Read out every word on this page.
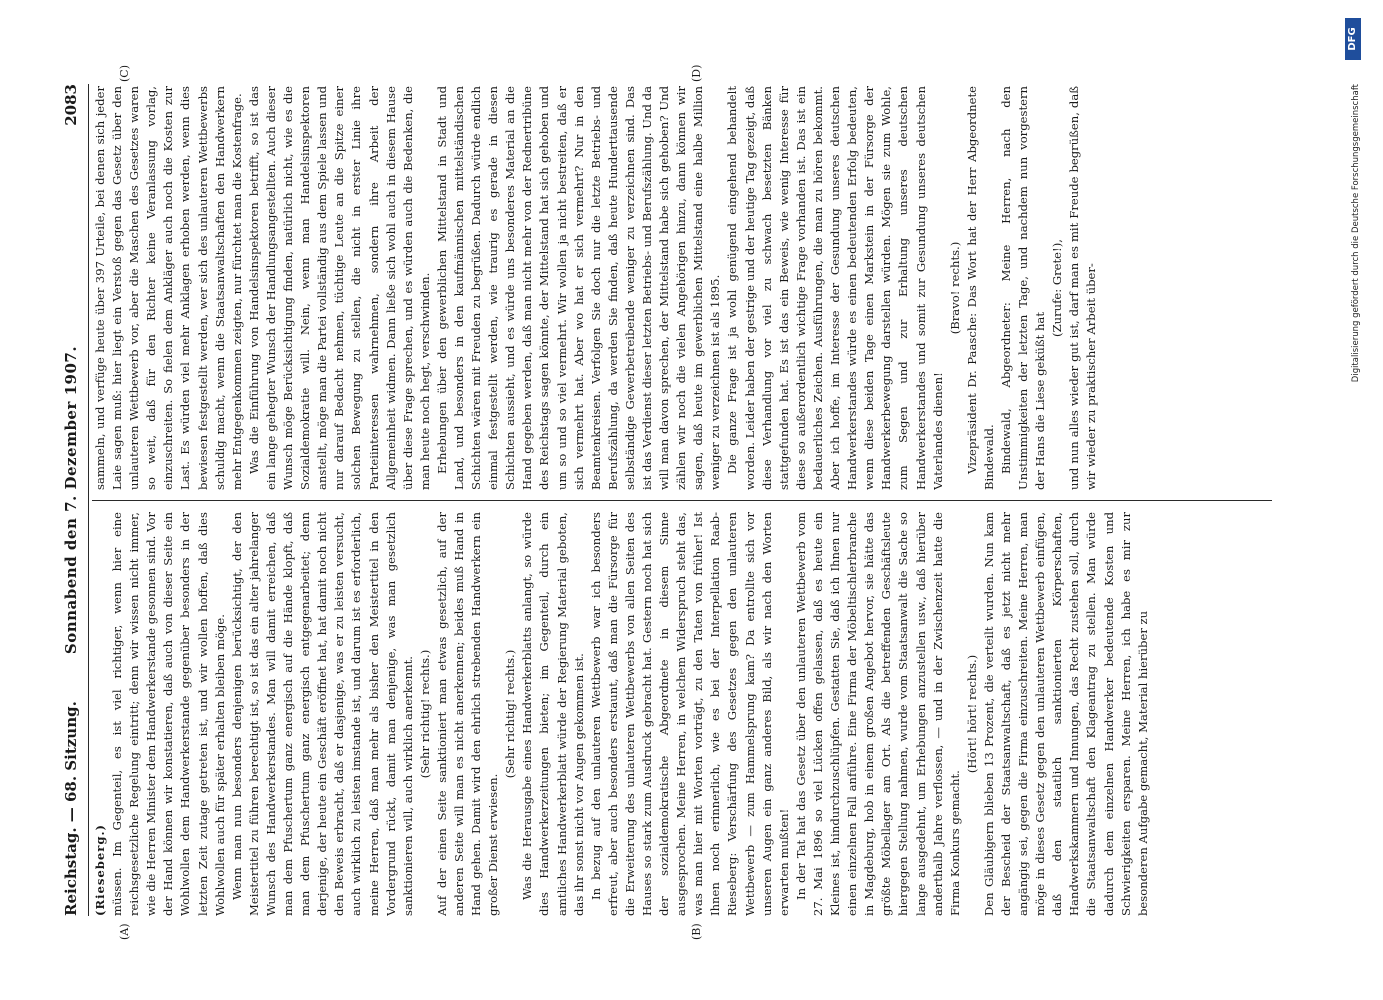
Reichstag. — 68. Sitzung.
Sonnabend den 7. Dezember 1907.
2083
(A)	(B)
(C)	(D)

(Rieseberg.) müssen. Im Gegenteil, es ist viel richtiger, wenn hier eine reichsgesetzliche Regelung eintritt; denn wir wissen nicht immer, wie die Herren Minister dem Handwerkerstande gesonnen sind. Vor der Hand können wir konstatieren, daß auch von dieser Seite ein Wohlwollen dem Handwerkerstande gegenüber besonders in der letzten Zeit zutage getreten ist, und wir wollen hoffen, daß dies Wohlwollen auch für später erhalten bleiben möge. Wenn man nun besonders denjenigen berücksichtigt, der den Meistertitel zu führen berechtigt ist, so ist das ein alter jahrelanger Wunsch des Handwerkerstandes. Man will damit erreichen, daß man dem Pfuschertum ganz energisch auf die Hände klopft, daß man dem Pfuschertum ganz energisch entgegenarbeitet; denn derjenige, der heute ein Geschäft eröffnet hat, hat damit noch nicht den Beweis erbracht, daß er dasjenige, was er zu leisten versucht, auch wirklich zu leisten imstande ist, und darum ist es erforderlich, meine Herren, daß man mehr als bisher den Meistertitel in den Vordergrund rückt, damit man denjenige, was man gesetzlich sanktionieren will, auch wirklich anerkennt. (Sehr richtig! rechts.) Auf der einen Seite sanktioniert man etwas gesetzlich, auf der anderen Seite will man es nicht anerkennen; beides muß Hand in Hand gehen. Damit wird den ehrlich strebenden Handwerkern ein großer Dienst erwiesen.

(Sehr richtig! rechts.) Was die Herausgabe eines Handwerkerblatts anlangt, so würde dies Handwerkerzeitungen bieten; im Gegenteil, durch ein amtliches Handwerkerblatt würde der Regierung Material geboten, das ihr sonst nicht vor Augen gekommen ist. In bezug auf den unlauteren Wettbewerb war ich besonders erfreut, aber auch besonders erstaunt, daß man die Fürsorge für die Erweiterung des unlauteren Wettbewerbs von allen Seiten des Hauses so stark zum Ausdruck gebracht hat. Gestern noch hat sich der sozialdemokratische Abgeordnete in diesem Sinne ausgesprochen. Meine Herren, in welchem Widerspruch steht das, was man hier mit Worten vorträgt, zu den Taten von früher! Ist Ihnen noch erinnerlich, wie es bei der Interpellation Raab-Rieseberg: Verschärfung des Gesetzes gegen den unlauteren Wettbewerb — zum Hammelsprung kam? Da entrollte sich vor unseren Augen ein ganz anderes Bild, als wir nach den Worten erwarten mußten! In der Tat hat das Gesetz über den unlauteren Wettbewerb vom 27. Mai 1896 so viel Lücken offen gelassen, daß es heute ein Kleines ist, hindurchzuschlüpfen. Gestatten Sie, daß ich Ihnen nur einen einzelnen Fall anführe. Eine Firma der Möbeltischlerbranche in Magdeburg, hob in einem großen Angebot hervor, sie hätte das größte Möbellager am Ort. Als die betreffenden Geschäftsleute hiergegen Stellung nahmen, wurde vom Staatsanwalt die Sache so lange ausgedehnt, um Erhebungen anzustellen usw., daß hierüber anderthalb Jahre verflossen, — und in der Zwischenzeit hatte die Firma Konkurs gemacht.

(Hört! hört! rechts.) Den Gläubigern blieben 13 Prozent, die verteilt wurden. Nun kam der Bescheid der Staatsanwaltschaft, daß es jetzt nicht mehr angängig sei, gegen die Firma einzuschreiten. Meine Herren, man möge in dieses Gesetz gegen den unlauteren Wettbewerb einfügen, daß den staatlich sanktionierten Körperschaften, Handwerkskammern und Innungen, das Recht zustehen soll, durch die Staatsanwaltschaft den Klageantrag zu stellen. Man würde dadurch dem einzelnen Handwerker bedeutende Kosten und Schwierigkeiten ersparen. Meine Herren, ich habe es mir zur besonderen Aufgabe gemacht, Material hierüber zu

sammeln, und verfüge heute über 397 Urteile, bei denen sich jeder Laie sagen muß: hier liegt ein Verstoß gegen das Gesetz über den unlauteren Wettbewerb vor, aber die Maschen des Gesetzes waren so weit, daß für den Richter keine Veranlassung vorlag, einzuschreiten. So fielen dem Ankläger auch noch die Kosten zur Last. Es würden viel mehr Anklagen erhoben werden, wenn dies bewiesen festgestellt werden, wer sich des unlauteren Wettbewerbs schuldig macht, wenn die Staatsanwaltschaften den Handwerkern mehr Entgegenkommen zeigten, nur fürchtet man die Kostenfrage. Was die Einführung von Handelsinspektoren betrifft, so ist das ein lange gehegter Wunsch der Handlungsangestellten. Auch dieser Wunsch möge Berücksichtigung finden, natürlich nicht, wie es die Sozialdemokratie will. Nein, wenn man Handelsinspektoren anstellt, möge man die Partei vollständig aus dem Spiele lassen und nur darauf Bedacht nehmen, tüchtige Leute an die Spitze einer solchen Bewegung zu stellen, die nicht in erster Linie ihre Parteiinteressen wahrnehmen, sondern ihre Arbeit der Allgemeinheit widmen. Dann ließe sich wohl auch in diesem Hause über diese Frage sprechen, und es würden auch die Bedenken, die man heute noch hegt, verschwinden. Erhebungen über den gewerblichen Mittelstand in Stadt und Land, und besonders in den kaufmännischen mittelständischen Schichten wären mit Freuden zu begrüßen. Dadurch würde endlich einmal festgestellt werden, wie traurig es gerade in diesen Schichten aussieht, und es würde uns besonderes Material an die Hand gegeben werden, daß man nicht mehr von der Rednertribüne des Reichstags sagen könnte, der Mittelstand hat sich gehoben und um so und so viel vermehrt. Wir wollen ja nicht bestreiten, daß er sich vermehrt hat. Aber wo hat er sich vermehrt? Nur in den Beamtenkreisen. Verfolgen Sie doch nur die letzte Betriebs- und Berufszählung, da werden Sie finden, daß heute Hunderttausende selbständige Gewerbetreibende weniger zu verzeichnen sind. Das ist das Verdienst dieser letzten Betriebs- und Berufszählung. Und da will man davon sprechen, der Mittelstand habe sich gehoben? Und zählen wir noch die vielen Angehörigen hinzu, dann können wir sagen, daß heute im gewerblichen Mittelstand eine halbe Million weniger zu verzeichnen ist als 1895. Die ganze Frage ist ja wohl genügend eingehend behandelt worden. Leider haben der gestrige und der heutige Tag gezeigt, daß diese Verhandlung vor viel zu schwach besetzten Bänken stattgefunden hat. Es ist das ein Beweis, wie wenig Interesse für diese so außerordentlich wichtige Frage vorhanden ist. Das ist ein bedauerliches Zeichen. Ausführungen, die man zu hören bekommt. Aber ich hoffe, im Interesse der Gesundung unseres deutschen Handwerkerstandes würde es einen bedeutenden Erfolg bedeuten, wenn diese beiden Tage einen Markstein in der Fürsorge der Handwerkerbewegung darstellen würden. Mögen sie zum Wohle, zum Segen und zur Erhaltung unseres deutschen Handwerkerstandes und somit zur Gesundung unseres deutschen Vaterlandes dienen!

(Bravo! rechts.) Vizepräsident Dr. Paasche: Das Wort hat der Herr Abgeordnete Bindewald. Bindewald, Abgeordneter: Meine Herren, nach den Unstimmigkeiten der letzten Tage, und nachdem nun vorgestern der Hans die Liese geküßt hat

(Zurufe: Grete!), und nun alles wieder gut ist, darf man es mit Freude begrüßen, daß wir wieder zu praktischer Arbeit über-	Digitalisierung gefördert durch die Deutsche Forschungsgemeinschaft
DFG
